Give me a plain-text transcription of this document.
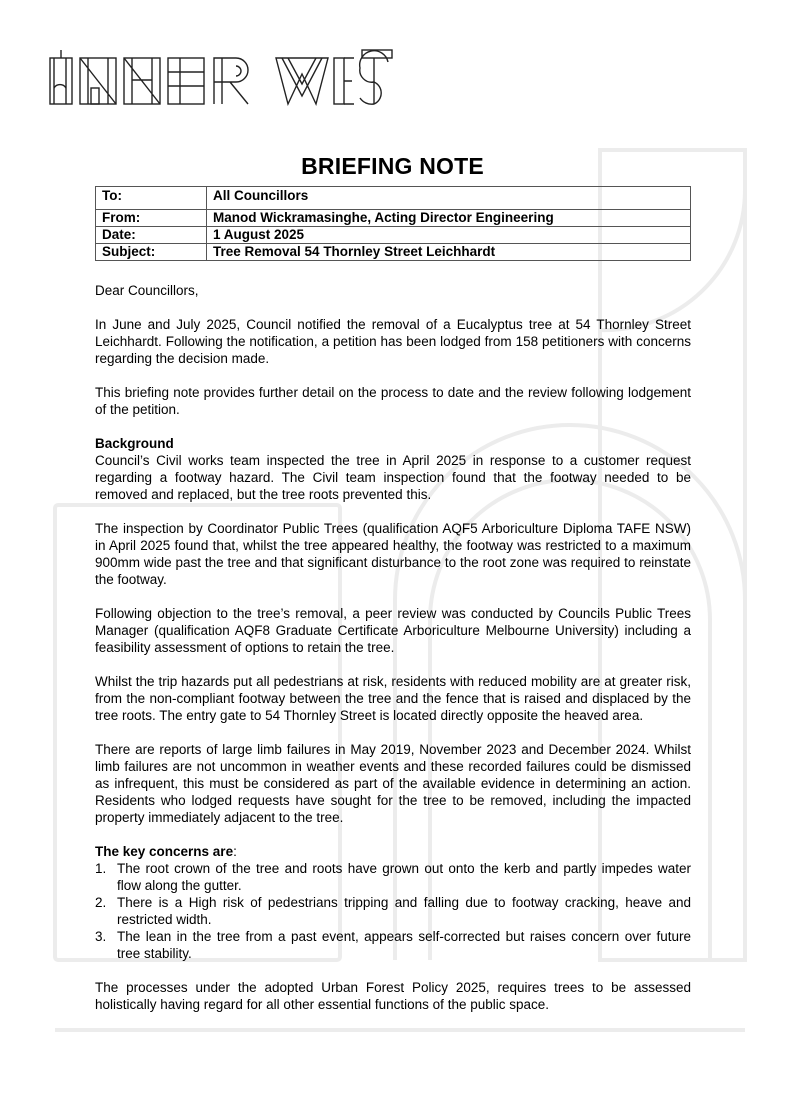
BRIEFING NOTE
To:	All Councillors
From:	Manod Wickramasinghe, Acting Director Engineering
Date:	1 August 2025
Subject:	Tree Removal 54 Thornley Street Leichhardt

Dear Councillors,

In June and July 2025, Council notified the removal of a Eucalyptus tree at 54 Thornley Street Leichhardt. Following the notification, a petition has been lodged from 158 petitioners with concerns regarding the decision made.

This briefing note provides further detail on the process to date and the review following lodgement of the petition.

Background

Council’s Civil works team inspected the tree in April 2025 in response to a customer request regarding a footway hazard. The Civil team inspection found that the footway needed to be removed and replaced, but the tree roots prevented this.

The inspection by Coordinator Public Trees (qualification AQF5 Arboriculture Diploma TAFE NSW) in April 2025 found that, whilst the tree appeared healthy, the footway was restricted to a maximum 900mm wide past the tree and that significant disturbance to the root zone was required to reinstate the footway.

Following objection to the tree’s removal, a peer review was conducted by Councils Public Trees Manager (qualification AQF8 Graduate Certificate Arboriculture Melbourne University) including a feasibility assessment of options to retain the tree.

Whilst the trip hazards put all pedestrians at risk, residents with reduced mobility are at greater risk, from the non-compliant footway between the tree and the fence that is raised and displaced by the tree roots. The entry gate to 54 Thornley Street is located directly opposite the heaved area.

There are reports of large limb failures in May 2019, November 2023 and December 2024. Whilst limb failures are not uncommon in weather events and these recorded failures could be dismissed as infrequent, this must be considered as part of the available evidence in determining an action. Residents who lodged requests have sought for the tree to be removed, including the impacted property immediately adjacent to the tree.

The key concerns are:
1. The root crown of the tree and roots have grown out onto the kerb and partly impedes water flow along the gutter.
2. There is a High risk of pedestrians tripping and falling due to footway cracking, heave and restricted width.
3. The lean in the tree from a past event, appears self-corrected but raises concern over future tree stability.

The processes under the adopted Urban Forest Policy 2025, requires trees to be assessed holistically having regard for all other essential functions of the public space.
